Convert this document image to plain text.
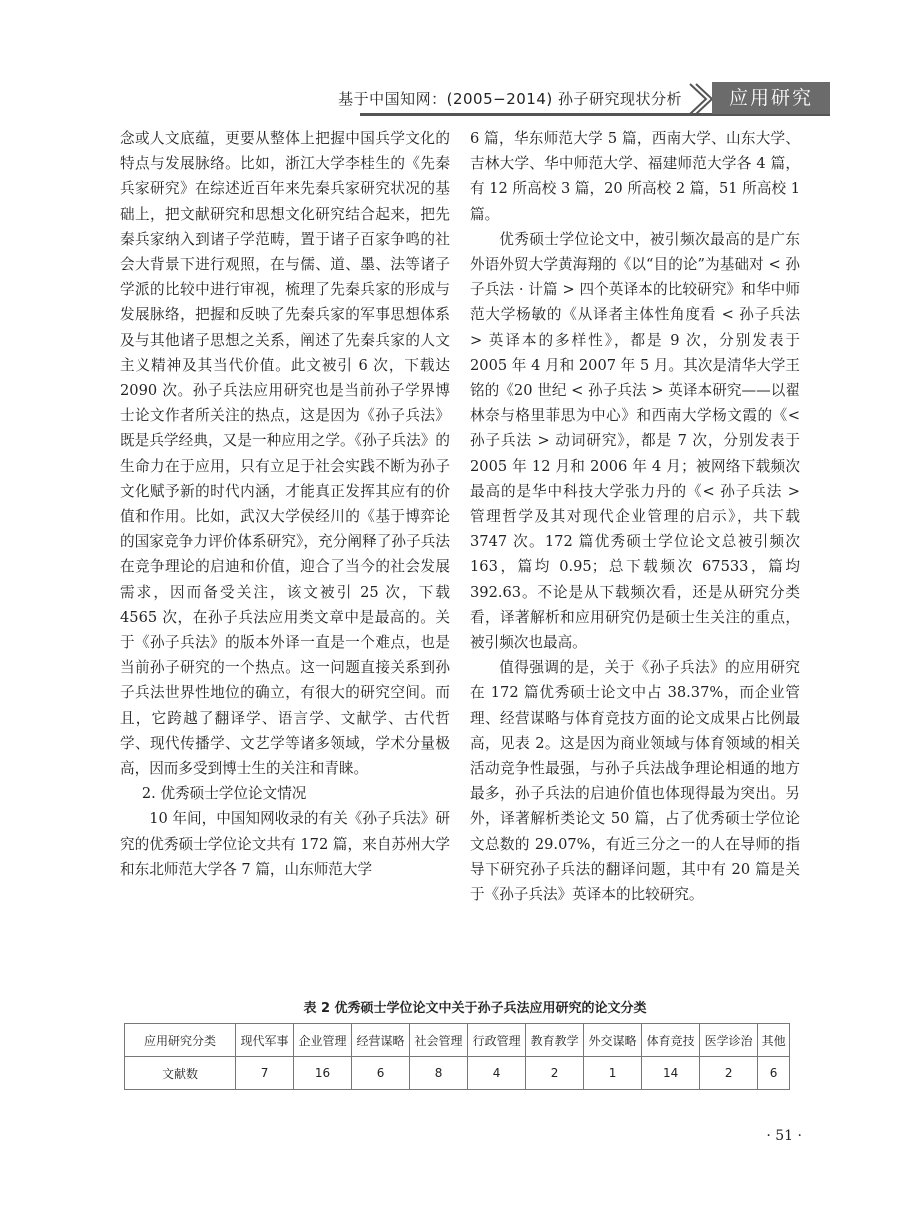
基于中国知网：(2005−2014) 孙子研究现状分析	应用研究

念或人文底蕴，更要从整体上把握中国兵学文化的特点与发展脉络。比如，浙江大学李桂生的《先秦兵家研究》在综述近百年来先秦兵家研究状况的基础上，把文献研究和思想文化研究结合起来，把先秦兵家纳入到诸子学范畴，置于诸子百家争鸣的社会大背景下进行观照，在与儒、道、墨、法等诸子学派的比较中进行审视，梳理了先秦兵家的形成与发展脉络，把握和反映了先秦兵家的军事思想体系及与其他诸子思想之关系，阐述了先秦兵家的人文主义精神及其当代价值。此文被引 6 次，下载达 2090 次。孙子兵法应用研究也是当前孙子学界博士论文作者所关注的热点，这是因为《孙子兵法》既是兵学经典，又是一种应用之学。《孙子兵法》的生命力在于应用，只有立足于社会实践不断为孙子文化赋予新的时代内涵，才能真正发挥其应有的价值和作用。比如，武汉大学侯经川的《基于博弈论的国家竞争力评价体系研究》，充分阐释了孙子兵法在竞争理论的启迪和价值，迎合了当今的社会发展需求，因而备受关注，该文被引 25 次，下载 4565 次，在孙子兵法应用类文章中是最高的。关于《孙子兵法》的版本外译一直是一个难点，也是当前孙子研究的一个热点。这一问题直接关系到孙子兵法世界性地位的确立，有很大的研究空间。而且，它跨越了翻译学、语言学、文献学、古代哲学、现代传播学、文艺学等诸多领域，学术分量极高，因而多受到博士生的关注和青睐。

2. 优秀硕士学位论文情况

10 年间，中国知网收录的有关《孙子兵法》研究的优秀硕士学位论文共有 172 篇，来自苏州大学和东北师范大学各 7 篇，山东师范大学

6 篇，华东师范大学 5 篇，西南大学、山东大学、吉林大学、华中师范大学、福建师范大学各 4 篇，有 12 所高校 3 篇，20 所高校 2 篇，51 所高校 1 篇。

优秀硕士学位论文中，被引频次最高的是广东外语外贸大学黄海翔的《以“目的论”为基础对 < 孙子兵法 · 计篇 > 四个英译本的比较研究》和华中师范大学杨敏的《从译者主体性角度看 < 孙子兵法 > 英译本的多样性》，都是 9 次，分别发表于 2005 年 4 月和 2007 年 5 月。其次是清华大学王铭的《20 世纪 < 孙子兵法 > 英译本研究——以翟林奈与格里菲思为中心》和西南大学杨文霞的《< 孙子兵法 > 动词研究》，都是 7 次，分别发表于 2005 年 12 月和 2006 年 4 月；被网络下载频次最高的是华中科技大学张力丹的《< 孙子兵法 > 管理哲学及其对现代企业管理的启示》，共下载 3747 次。172 篇优秀硕士学位论文总被引频次 163，篇均 0.95；总下载频次 67533，篇均 392.63。不论是从下载频次看，还是从研究分类看，译著解析和应用研究仍是硕士生关注的重点，被引频次也最高。

值得强调的是，关于《孙子兵法》的应用研究在 172 篇优秀硕士论文中占 38.37%，而企业管理、经营谋略与体育竞技方面的论文成果占比例最高，见表 2。这是因为商业领域与体育领域的相关活动竞争性最强，与孙子兵法战争理论相通的地方最多，孙子兵法的启迪价值也体现得最为突出。另外，译著解析类论文 50 篇，占了优秀硕士学位论文总数的 29.07%，有近三分之一的人在导师的指导下研究孙子兵法的翻译问题，其中有 20 篇是关于《孙子兵法》英译本的比较研究。

表 2 优秀硕士学位论文中关于孙子兵法应用研究的论文分类
应用研究分类	现代军事	企业管理	经营谋略	社会管理	行政管理	教育教学	外交谋略	体育竞技	医学诊治	其他
文献数	7	16	6	8	4	2	1	14	2	6
· 51 ·
